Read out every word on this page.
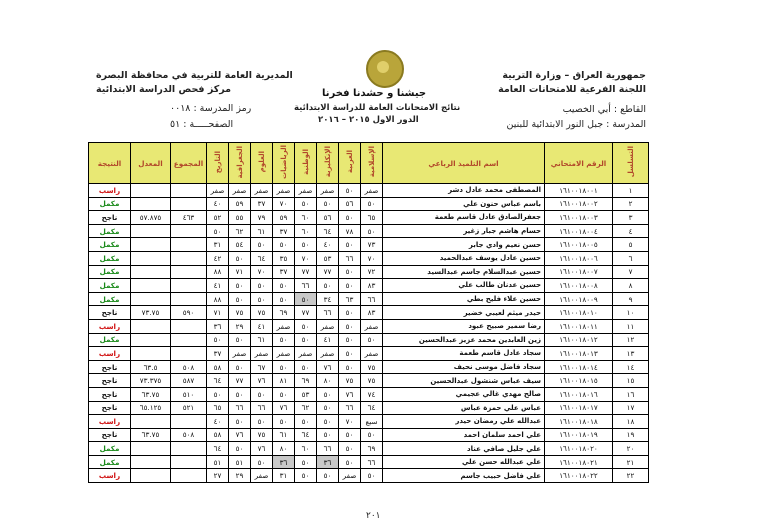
جمهورية العراق – وزارة التربية
اللجنة الفرعية للامتحانات العامة
القاطع : أبي الخصيب
المدرسة : جبل النور الابتدائية للبنين
المديرية العامة للتربية في محافظة البصرة
مركز فحص الدراسة الابتدائية
رمز المدرسة : ٠٠١٨
الصفحـــــة : ٥١
جيشنا و حشدنا فخرنا
نتائج الامتحانات العامة للدراسة الابتدائية
الدور الاول ٢٠١٥ – ٢٠١٦
التسلسل	الرقم الامتحاني	اسم التلميذ الرباعي	الإسلامية	العربية	الإنكليزية	الوطنية	الرياضيات	العلوم	الجغرافية	التاريخ	المجموع	المعدل	النتيجة
١	١٦١٠٠١٨٠٠١	المصطفى محمد عادل دشر	صفر	٥٠	صفر	صفر	صفر	صفر	صفر	صفر			راسب
٢	١٦١٠٠١٨٠٠٢	باسم عباس حنون علي	٥٠	٥٦	٥٠	٥٠	٧٠	٣٧	٥٩	٤٠			مكمل
٣	١٦١٠٠١٨٠٠٣	جعفرالصادق عادل قاسم طعمة	٦٥	٥٠	٥٦	٦٠	٥٩	٧٩	٥٥	٥٢	٤٦٣	٥٧.٨٧٥	ناجح
٤	١٦١٠٠١٨٠٠٤	حسام هاشم جبار زغير	٥٠	٧٨	٦٤	٦٠	٣٧	٦١	٦٢	٥٠			مكمل
٥	١٦١٠٠١٨٠٠٥	حسن نعيم وادي جابر	٧٣	٥٠	٤٠	٥٠	٥٠	٥٠	٥٤	٣١			مكمل
٦	١٦١٠٠١٨٠٠٦	حسين عادل يوسف عبدالحميد	٧٠	٦٦	٥٣	٧٠	٣٥	٦٤	٥٠	٤٢			مكمل
٧	١٦١٠٠١٨٠٠٧	حسين عبدالسلام جاسم عبدالسيد	٧٢	٥٠	٧٧	٧٧	٣٧	٧٠	٧١	٨٨			مكمل
٨	١٦١٠٠١٨٠٠٨	حسين عدنان طالب علي	٨٣	٥٠	٥٠	٦٦	٥٠	٥٠	٥٠	٤١			مكمل
٩	١٦١٠٠١٨٠٠٩	حسين علاء فليح بطي	٦٦	٦٣	٣٤	٥٠	٥٠	٥٠	٥٠	٨٨			مكمل
١٠	١٦١٠٠١٨٠١٠	حيدر ميثم لعيبي خضير	٨٣	٥٠	٦٦	٧٧	٦٩	٧٥	٧٥	٧١	٥٩٠	٧٣.٧٥	ناجح
١١	١٦١٠٠١٨٠١١	رضا سمير صبيح عبود	صفر	٥٠	صفر	٥٠	صفر	٤١	٢٩	٣٦			راسب
١٢	١٦١٠٠١٨٠١٢	زين العابدين محمد عزيز عبدالحسين	٥٠	٥٠	٤١	٥٠	٥٠	٦١	٥٠	٥٠			مكمل
١٣	١٦١٠٠١٨٠١٣	سجاد عادل قاسم طعمة	صفر	٥٠	صفر	صفر	صفر	صفر	صفر	٣٧			راسب
١٤	١٦١٠٠١٨٠١٤	سجاد فاضل موسى نحيف	٧٥	٥٠	٧٦	٥٠	٥٠	٦٧	٥٠	٥٨	٥٠٨	٦٣.٥	ناجح
١٥	١٦١٠٠١٨٠١٥	سيف عباس شنشول عبدالحسين	٧٥	٧٥	٨٠	٦٩	٨١	٧٦	٧٧	٦٤	٥٨٧	٧٣.٣٧٥	ناجح
١٦	١٦١٠٠١٨٠١٦	صالح مهدي غالي عجيمي	٧٤	٧٦	٥٠	٥٣	٥٠	٥٠	٥٠	٥٠	٥١٠	٦٣.٧٥	ناجح
١٧	١٦١٠٠١٨٠١٧	عباس علي حمزة عباس	٦٤	٦٦	٥٠	٦٢	٧٦	٦٦	٦٦	٦٥	٥٢١	٦٥.١٢٥	ناجح
١٨	١٦١٠٠١٨٠١٨	عبدالله علي رمضان حيدر	سبع	٧٠	٥٠	٥٠	٥٠	٥٠	٥٠	٤٠			راسب
١٩	١٦١٠٠١٨٠١٩	علي احمد سلمان احمد	٥٠	٥٠	٥٠	٦٤	٦١	٧٥	٧٦	٥٨	٥٠٨	٦٣.٧٥	ناجح
٢٠	١٦١٠٠١٨٠٢٠	علي جليل صافي عناد	٦٩	٥٠	٦٦	٦٠	٨٠	٧٦	٥٠	٦٤			مكمل
٢١	١٦١٠٠١٨٠٢١	علي عبدالله حسن علي	٦٦	٥٠	٣٦	٥٠	٣٦	٥٠	٥١	٥١			مكمل
٢٢	١٦١٠٠١٨٠٢٢	علي فاضل حبيب جاسم	٥٠	صفر	٥٠	٥٠	٣١	صفر	٢٩	٢٧			راسب
٢٠١
